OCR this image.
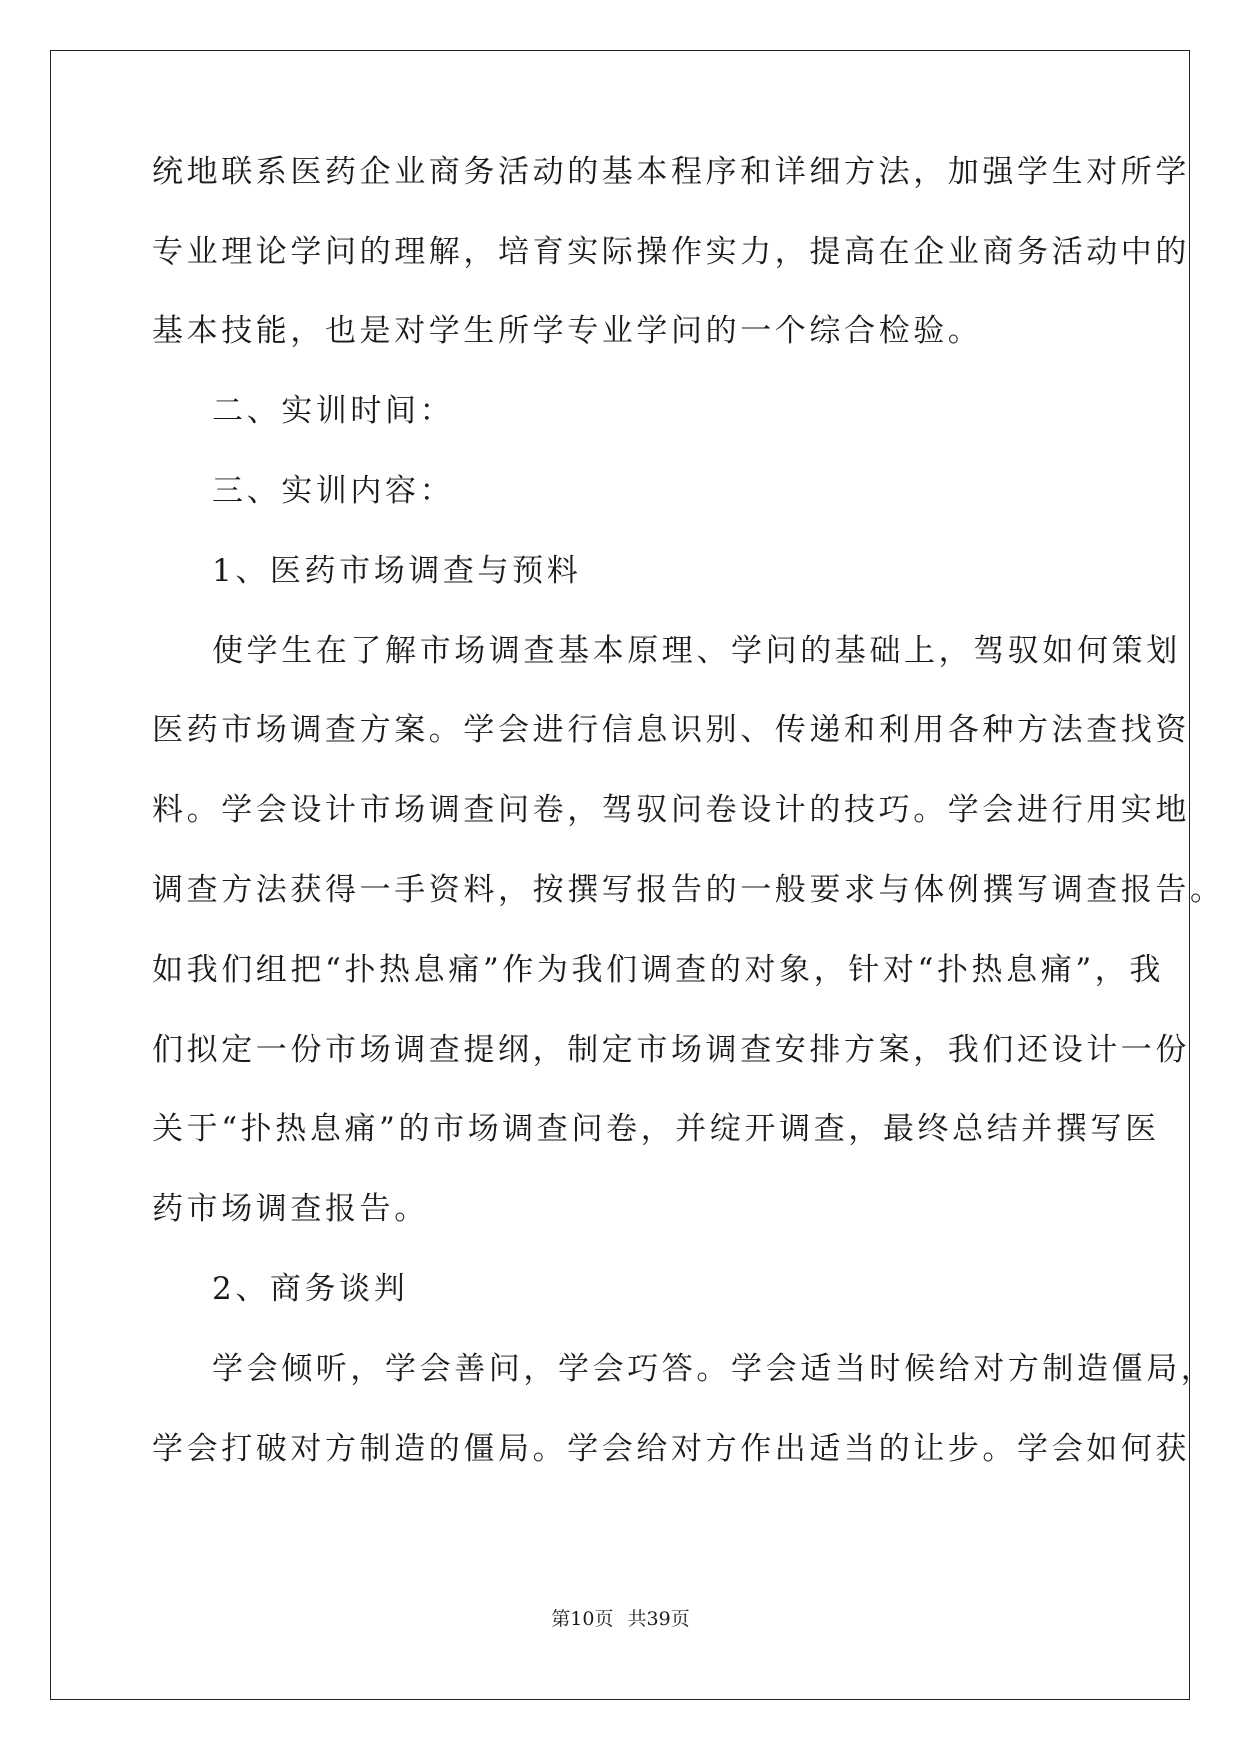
统地联系医药企业商务活动的基本程序和详细方法，加强学生对所学
专业理论学问的理解，培育实际操作实力，提高在企业商务活动中的
基本技能，也是对学生所学专业学问的一个综合检验。
二、实训时间：
三、实训内容：
1、医药市场调查与预料
使学生在了解市场调查基本原理、学问的基础上，驾驭如何策划
医药市场调查方案。学会进行信息识别、传递和利用各种方法查找资
料。学会设计市场调查问卷，驾驭问卷设计的技巧。学会进行用实地
调查方法获得一手资料，按撰写报告的一般要求与体例撰写调查报告。
如我们组把“扑热息痛”作为我们调查的对象，针对“扑热息痛”，我
们拟定一份市场调查提纲，制定市场调查安排方案，我们还设计一份
关于“扑热息痛”的市场调查问卷，并绽开调查，最终总结并撰写医
药市场调查报告。
2、商务谈判
学会倾听，学会善问，学会巧答。学会适当时候给对方制造僵局，
学会打破对方制造的僵局。学会给对方作出适当的让步。学会如何获
第10页 共39页
